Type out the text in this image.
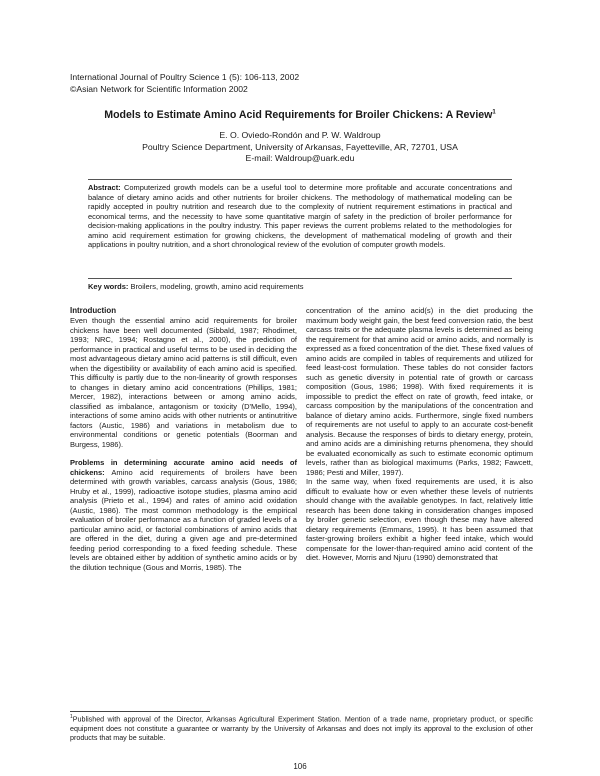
International Journal of Poultry Science 1 (5): 106-113, 2002
©Asian Network for Scientific Information 2002
Models to Estimate Amino Acid Requirements for Broiler Chickens: A Review$^1$
E. O. Oviedo-Rondón and P. W. Waldroup
Poultry Science Department, University of Arkansas, Fayetteville, AR, 72701, USA
E-mail: Waldroup@uark.edu
Abstract: Computerized growth models can be a useful tool to determine more profitable and accurate concentrations and balance of dietary amino acids and other nutrients for broiler chickens. The methodology of mathematical modeling can be rapidly accepted in poultry nutrition and research due to the complexity of nutrient requirement estimations in practical and economical terms, and the necessity to have some quantitative margin of safety in the prediction of broiler performance for decision-making applications in the poultry industry. This paper reviews the current problems related to the methodologies for amino acid requirement estimation for growing chickens, the development of mathematical modeling of growth and their applications in poultry nutrition, and a short chronological review of the evolution of computer growth models.
Key words: Broilers, modeling, growth, amino acid requirements
Introduction

Even though the essential amino acid requirements for broiler chickens have been well documented (Sibbald, 1987; Rhodimet, 1993; NRC, 1994; Rostagno et al., 2000), the prediction of performance in practical and useful terms to be used in deciding the most advantageous dietary amino acid patterns is still difficult, even when the digestibility or availability of each amino acid is specified. This difficulty is partly due to the non-linearity of growth responses to changes in dietary amino acid concentrations (Phillips, 1981; Mercer, 1982), interactions between or among amino acids, classified as imbalance, antagonism or toxicity (D'Mello, 1994), interactions of some amino acids with other nutrients or antinutritive factors (Austic, 1986) and variations in metabolism due to environmental conditions or genetic potentials (Boorman and Burgess, 1986).

Problems in determining accurate amino acid needs of chickens: Amino acid requirements of broilers have been determined with growth variables, carcass analysis (Gous, 1986; Hruby et al., 1999), radioactive isotope studies, plasma amino acid analysis (Prieto et al., 1994) and rates of amino acid oxidation (Austic, 1986). The most common methodology is the empirical evaluation of broiler performance as a function of graded levels of a particular amino acid, or factorial combinations of amino acids that are offered in the diet, during a given age and pre-determined feeding period corresponding to a fixed feeding schedule. These levels are obtained either by addition of synthetic amino acids or by the dilution technique (Gous and Morris, 1985). The

concentration of the amino acid(s) in the diet producing the maximum body weight gain, the best feed conversion ratio, the best carcass traits or the adequate plasma levels is determined as being the requirement for that amino acid or amino acids, and normally is expressed as a fixed concentration of the diet. These fixed values of amino acids are compiled in tables of requirements and utilized for feed least-cost formulation. These tables do not consider factors such as genetic diversity in potential rate of growth or carcass composition (Gous, 1986; 1998). With fixed requirements it is impossible to predict the effect on rate of growth, feed intake, or carcass composition by the manipulations of the concentration and balance of dietary amino acids. Furthermore, single fixed numbers of requirements are not useful to apply to an accurate cost-benefit analysis. Because the responses of birds to dietary energy, protein, and amino acids are a diminishing returns phenomena, they should be evaluated economically as such to estimate economic optimum levels, rather than as biological maximums (Parks, 1982; Fawcett, 1986; Pesti and Miller, 1997).

In the same way, when fixed requirements are used, it is also difficult to evaluate how or even whether these levels of nutrients should change with the available genotypes. In fact, relatively little research has been done taking in consideration changes imposed by broiler genetic selection, even though these may have altered dietary requirements (Emmans, 1995). It has been assumed that faster-growing broilers exhibit a higher feed intake, which would compensate for the lower-than-required amino acid content of the diet. However, Morris and Njuru (1990) demonstrated that

$^1$Published with approval of the Director, Arkansas Agricultural Experiment Station. Mention of a trade name, proprietary product, or specific equipment does not constitute a guarantee or warranty by the University of Arkansas and does not imply its approval to the exclusion of other products that may be suitable.
106
